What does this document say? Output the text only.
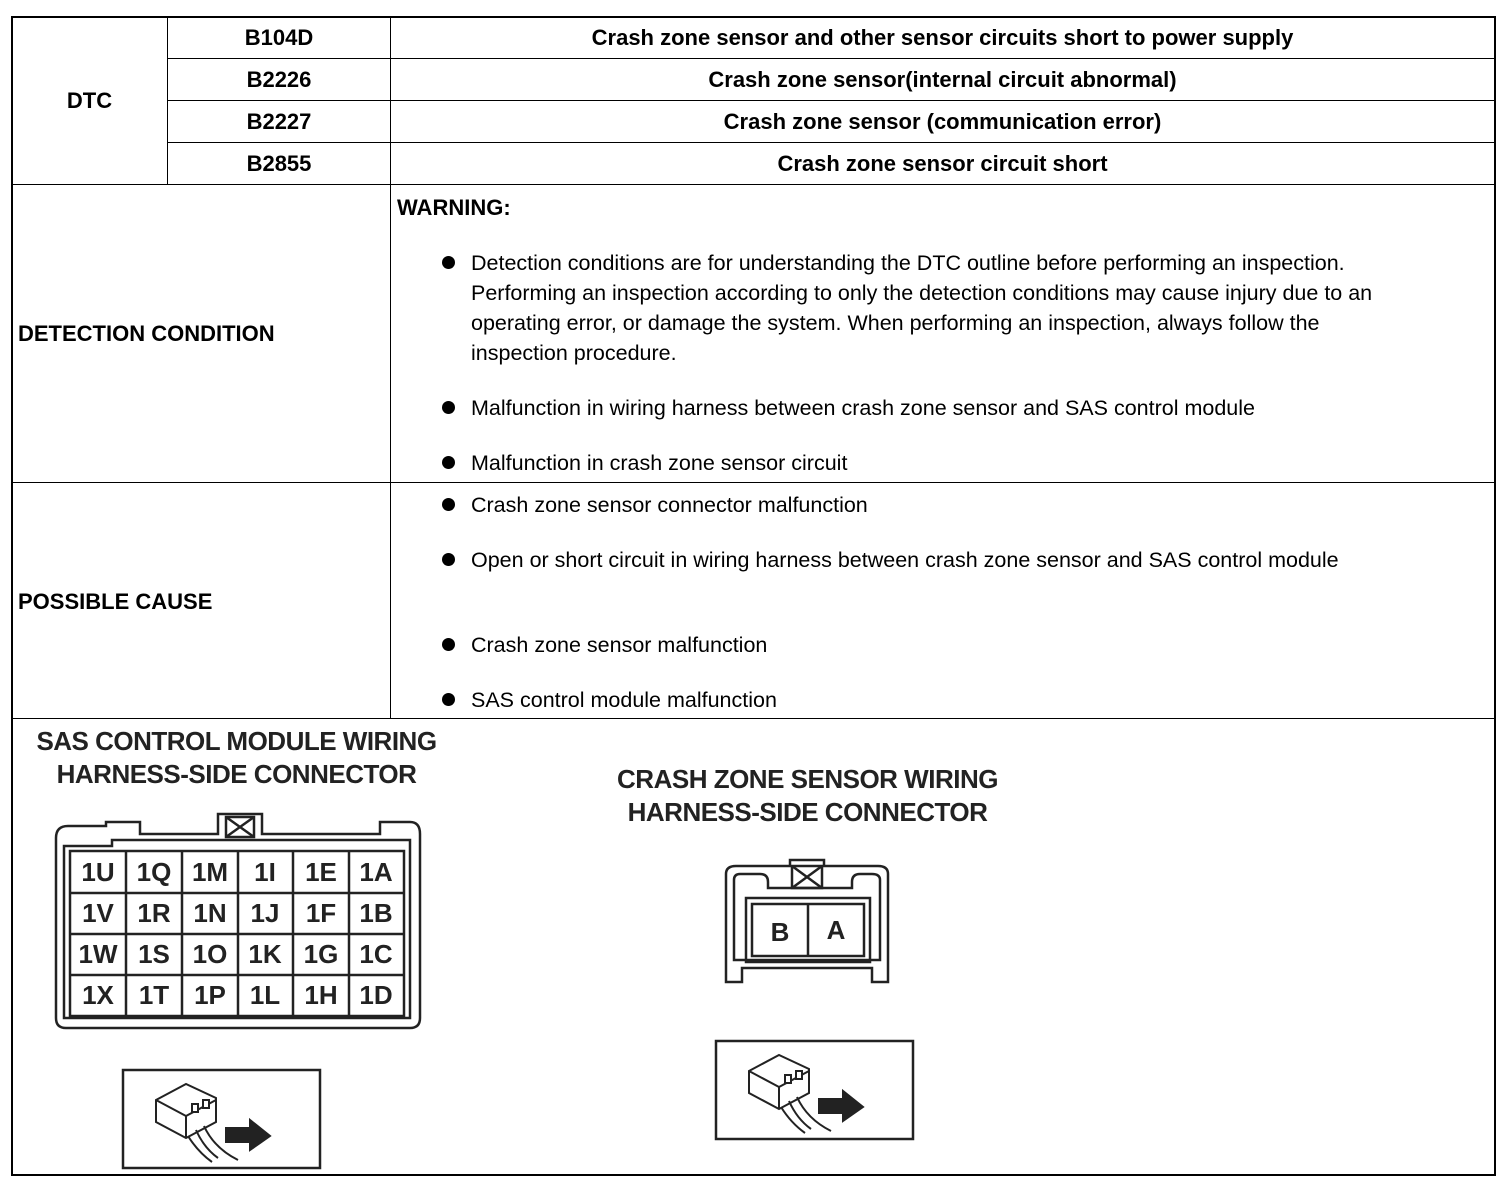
DTC
B104D	Crash zone sensor and other sensor circuits short to power supply
B2226	Crash zone sensor(internal circuit abnormal)
B2227	Crash zone sensor (communication error)
B2855	Crash zone sensor circuit short
DETECTION CONDITION
WARNING:
Detection conditions are for understanding the DTC outline before performing an inspection. Performing an inspection according to only the detection conditions may cause injury due to an operating error, or damage the system. When performing an inspection, always follow the inspection procedure.
Malfunction in wiring harness between crash zone sensor and SAS control module
Malfunction in crash zone sensor circuit
POSSIBLE CAUSE
Crash zone sensor connector malfunction
Open or short circuit in wiring harness between crash zone sensor and SAS control module
Crash zone sensor malfunction
SAS control module malfunction
SAS CONTROL MODULE WIRING
HARNESS-SIDE CONNECTOR	CRASH ZONE SENSOR WIRING
HARNESS-SIDE CONNECTOR
1U 1Q 1M	1I	1E 1A
1V 1R 1N 1J	1F 1B
1W 1S 1O 1K 1G 1C
1X 1T 1P 1L 1H 1D
B	A
